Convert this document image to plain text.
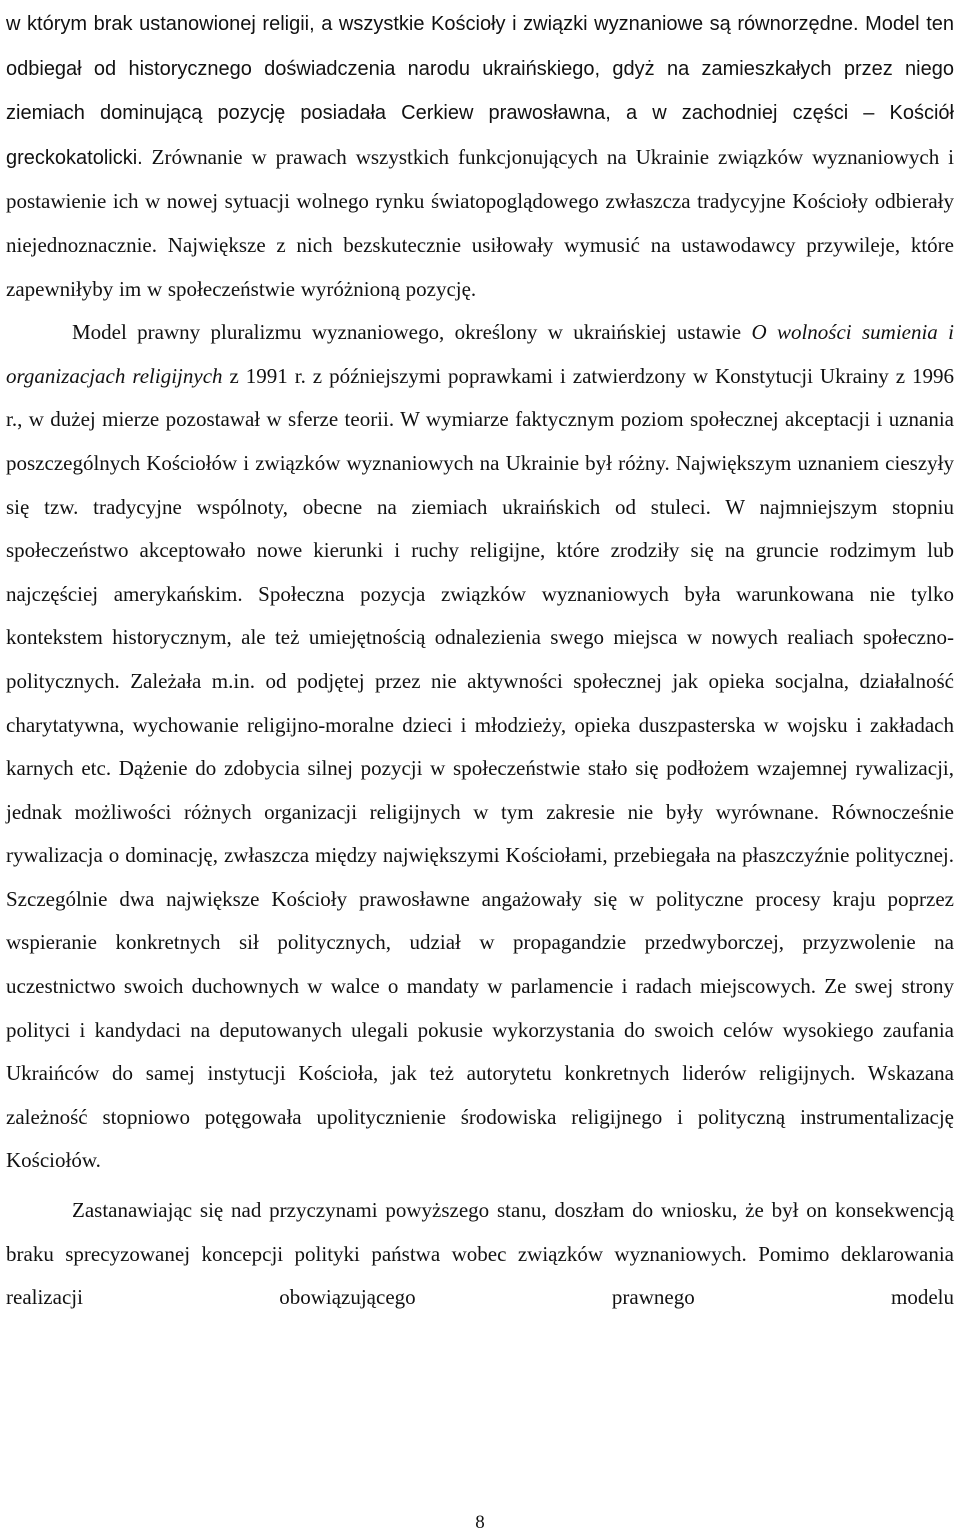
w którym brak ustanowionej religii, a wszystkie Kościoły i związki wyznaniowe są równorzędne. Model ten odbiegał od historycznego doświadczenia narodu ukraińskiego, gdyż na zamieszkałych przez niego ziemiach dominującą pozycję posiadała Cerkiew prawosławna, a w zachodniej części – Kościół greckokatolicki. Zrównanie w prawach wszystkich funkcjonujących na Ukrainie związków wyznaniowych i postawienie ich w nowej sytuacji wolnego rynku światopoglądowego zwłaszcza tradycyjne Kościoły odbierały niejednoznacznie. Największe z nich bezskutecznie usiłowały wymusić na ustawodawcy przywileje, które zapewniłyby im w społeczeństwie wyróżnioną pozycję.

Model prawny pluralizmu wyznaniowego, określony w ukraińskiej ustawie O wolności sumienia i organizacjach religijnych z 1991 r. z późniejszymi poprawkami i zatwierdzony w Konstytucji Ukrainy z 1996 r., w dużej mierze pozostawał w sferze teorii. W wymiarze faktycznym poziom społecznej akceptacji i uznania poszczególnych Kościołów i związków wyznaniowych na Ukrainie był różny. Największym uznaniem cieszyły się tzw. tradycyjne wspólnoty, obecne na ziemiach ukraińskich od stuleci. W najmniejszym stopniu społeczeństwo akceptowało nowe kierunki i ruchy religijne, które zrodziły się na gruncie rodzimym lub najczęściej amerykańskim. Społeczna pozycja związków wyznaniowych była warunkowana nie tylko kontekstem historycznym, ale też umiejętnością odnalezienia swego miejsca w nowych realiach społeczno-politycznych. Zależała m.in. od podjętej przez nie aktywności społecznej jak opieka socjalna, działalność charytatywna, wychowanie religijno-moralne dzieci i młodzieży, opieka duszpasterska w wojsku i zakładach karnych etc. Dążenie do zdobycia silnej pozycji w społeczeństwie stało się podłożem wzajemnej rywalizacji, jednak możliwości różnych organizacji religijnych w tym zakresie nie były wyrównane. Równocześnie rywalizacja o dominację, zwłaszcza między największymi Kościołami, przebiegała na płaszczyźnie politycznej. Szczególnie dwa największe Kościoły prawosławne angażowały się w polityczne procesy kraju poprzez wspieranie konkretnych sił politycznych, udział w propagandzie przedwyborczej, przyzwolenie na uczestnictwo swoich duchownych w walce o mandaty w parlamencie i radach miejscowych. Ze swej strony polityci i kandydaci na deputowanych ulegali pokusie wykorzystania do swoich celów wysokiego zaufania Ukraińców do samej instytucji Kościoła, jak też autorytetu konkretnych liderów religijnych. Wskazana zależność stopniowo potęgowała upolitycznienie środowiska religijnego i polityczną instrumentalizację Kościołów.

Zastanawiając się nad przyczynami powyższego stanu, doszłam do wniosku, że był on konsekwencją braku sprecyzowanej koncepcji polityki państwa wobec związków wyznaniowych. Pomimo deklarowania realizacji obowiązującego prawnego modelu

8
